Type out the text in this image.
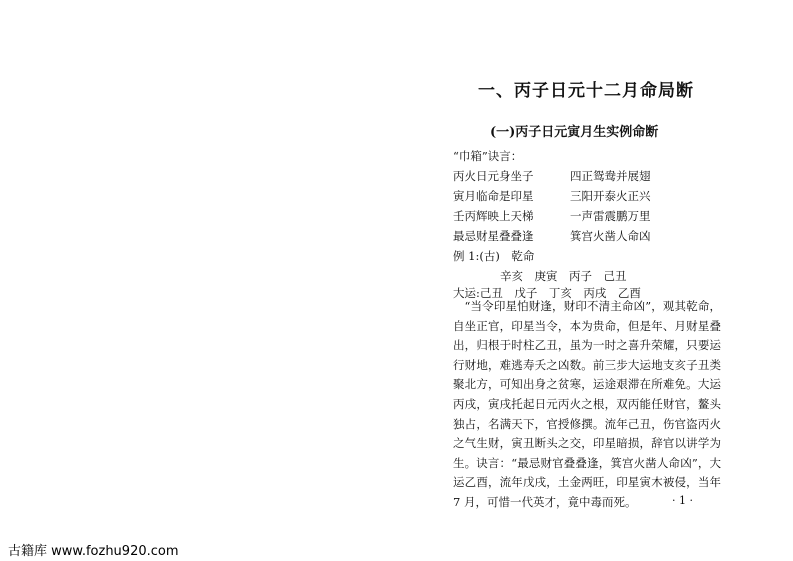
一、丙子日元十二月命局断
(一)丙子日元寅月生实例命断
“巾箱”诀言：
丙火日元身坐子	四正鸳鸯并展翅
寅月临命是印星	三阳开泰火正兴
壬丙辉映上天梯	一声雷震鹏万里
最忌财星叠叠逢	箕宫火凿人命凶
例 1:(古)　乾命
辛亥　庚寅　丙子　己丑
大运:己丑　戊子　丁亥　丙戌　乙酉
“当令印星怕财逢，财印不清主命凶”，观其乾命，自坐正官，印星当令，本为贵命，但是年、月财星叠出，归根于时柱乙丑，虽为一时之喜升荣耀，只要运行财地，难逃寿夭之凶数。前三步大运地支亥子丑类聚北方，可知出身之贫寒，运途艰滞在所难免。大运丙戌，寅戌托起日元丙火之根，双丙能任财官，鳌头独占，名满天下，官授修撰。流年己丑，伤官盗丙火之气生财，寅丑断头之交，印星暗损，辞官以讲学为生。诀言：“最忌财官叠叠逢，箕宫火凿人命凶”，大运乙酉，流年戊戌，土金两旺，印星寅木被侵，当年 7 月，可惜一代英才，竟中毒而死。	· 1 ·
古籍库 www.fozhu920.com
